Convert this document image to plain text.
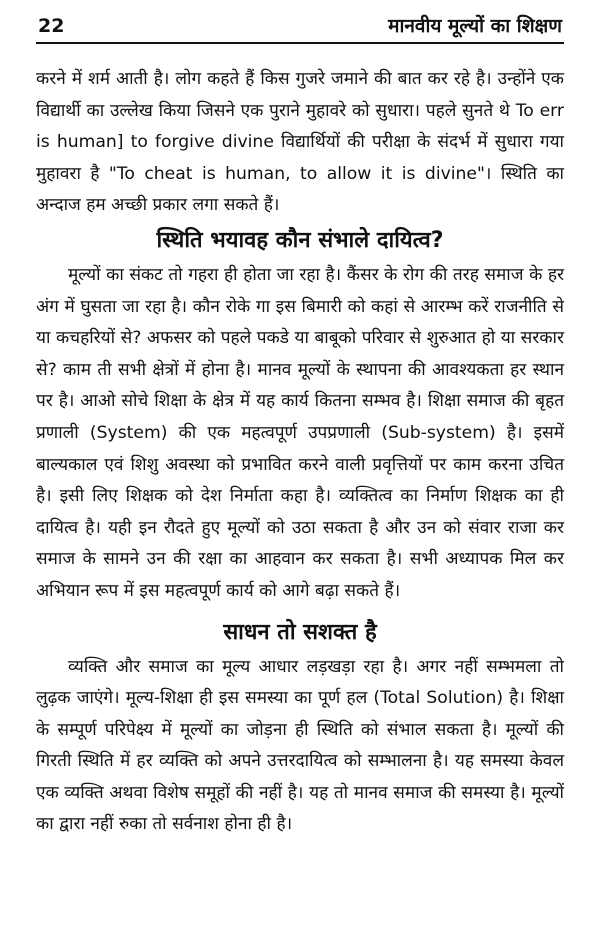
22	मानवीय मूल्यों का शिक्षण

करने में शर्म आती है। लोग कहते हैं किस गुजरे जमाने की बात कर रहे है। उन्होंने एक विद्यार्थी का उल्लेख किया जिसने एक पुराने मुहावरे को सुधारा। पहले सुनते थे To err is human] to forgive divine विद्यार्थियों की परीक्षा के संदर्भ में सुधारा गया मुहावरा है "To cheat is human, to allow it is divine"। स्थिति का अन्दाज हम अच्छी प्रकार लगा सकते हैं।

स्थिति भयावह कौन संभाले दायित्व?

मूल्यों का संकट तो गहरा ही होता जा रहा है। कैंसर के रोग की तरह समाज के हर अंग में घुसता जा रहा है। कौन रोके गा इस बिमारी को कहां से आरम्भ करें राजनीति से या कचहरियों से? अफसर को पहले पकडे या बाबूको परिवार से शुरुआत हो या सरकार से? काम ती सभी क्षेत्रों में होना है। मानव मूल्यों के स्थापना की आवश्यकता हर स्थान पर है। आओ सोचे शिक्षा के क्षेत्र में यह कार्य कितना सम्भव है। शिक्षा समाज की बृहत प्रणाली (System) की एक महत्वपूर्ण उपप्रणाली (Sub-system) है। इसमें बाल्यकाल एवं शिशु अवस्था को प्रभावित करने वाली प्रवृत्तियों पर काम करना उचित है। इसी लिए शिक्षक को देश निर्माता कहा है। व्यक्तित्व का निर्माण शिक्षक का ही दायित्व है। यही इन रौदते हुए मूल्यों को उठा सकता है और उन को संवार राजा कर समाज के सामने उन की रक्षा का आहवान कर सकता है। सभी अध्यापक मिल कर अभियान रूप में इस महत्वपूर्ण कार्य को आगे बढ़ा सकते हैं।

साधन तो सशक्त है

व्यक्ति और समाज का मूल्य आधार लड़खड़ा रहा है। अगर नहीं सम्भमला तो लुढ़क जाएंगे। मूल्य-शिक्षा ही इस समस्या का पूर्ण हल (Total Solution) है। शिक्षा के सम्पूर्ण परिपेक्ष्य में मूल्यों का जोड़ना ही स्थिति को संभाल सकता है। मूल्यों की गिरती स्थिति में हर व्यक्ति को अपने उत्तरदायित्व को सम्भालना है। यह समस्या केवल एक व्यक्ति अथवा विशेष समूहों की नहीं है। यह तो मानव समाज की समस्या है। मूल्यों का द्वारा नहीं रुका तो सर्वनाश होना ही है।
